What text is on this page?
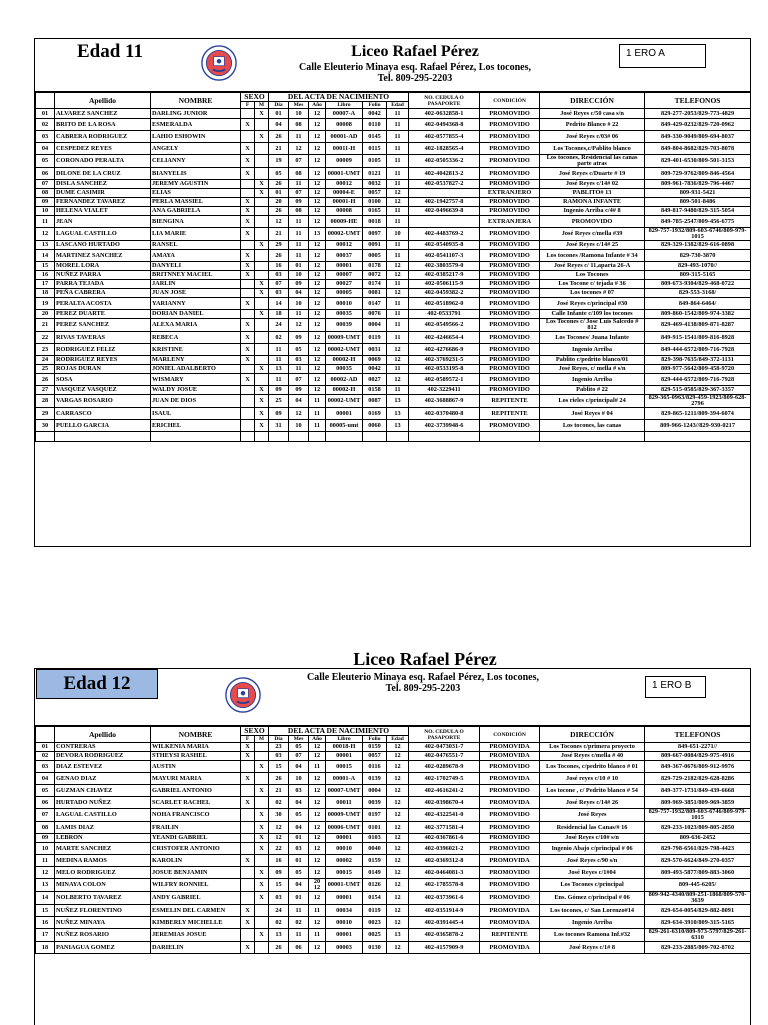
Edad 11	Liceo Rafael Pérez
Calle Eleuterio Minaya esq. Rafael Pérez, Los tocones,
Tel. 809-295-2203
1 ERO A
	Apellido	NOMBRE	SEXO		DEL ACTA DE NACIMIENTO						NO. CEDULA O PASAPORTE	CONDICIÓN	DIRECCIÓN	TELEFONOS
			F	M	Dia	Mes	Año	Libro	Folio	Edad				
01	ALVAREZ SANCHEZ	DARLING JUNIOR		X	01	10	12	00007-A	0042	11	402-0632858-1	PROMOVIDO	José Reyes c/50 casa s/n	829-277-2053/829-773-4829
02	BRITO DE LA ROSA	ESMERALDA	X		04	08	12	00008	0110	11	402-0494368-8	PROMOVIDO	Pedrito Blanco # 22	849-429-0232/829-720-0962
03	CABRERA RODRIGUEZ	LAHIO ESHOWIN		X	26	11	12	00001-AD	0145	11	402-0577855-4	PROMOVIDO	José Reyes c/03# 06	849-330-9049/809-694-8037
04	CESPEDEZ REYES	ANGELY	X		21	12	12	00011-H	0115	11	402-1828565-4	PROMOVIDO	Los Tocones,c/Pablito blanco	849-804-8682/829-703-8078
05	CORONADO PERALTA	CELIANNY	X		19	07	12	00009	0105	11	402-0505336-2	PROMOVIDO	Los tocones, Residencial las canas parte atras	829-401-6530/809-501-3153
06	DILONE DE LA CRUZ	BIANYELIS	X		05	08	12	00001-UMT	0121	11	402-4042813-2	PROMOVIDO	José Reyes c/Duarte # 19	809-729-9762/809-846-4564
07	DISLA SANCHEZ	JEREMY AGUSTIN		X	26	11	12	00012	0032	11	402-0537827-2	PROMOVIDO	José Reyes c/14# 02	809-961-7836/829-796-4467
08	DUME CASIMIR	ELIAS		X	01	07	12	00004-E	0057	12		EXTRANJERO	PABLITO# 13	809-931-5421
09	FERNANDEZ TAVAREZ	PERLA MASSIEL	X		20	09	12	00001-H	0100	12	402-1942757-8	PROMOVIDO	RAMONA INFANTE	809-501-8486
10	HELENA VIALET	ANA GABRIELA	X		26	08	12	00008	0165	11	402-0496639-8	PROMOVIDO	Ingenio Arriba c/4# 8	849-817-9480/829-315-5054
11	JEAN	BIENGINA	X		12	11	12	00009-HE	0018	11		EXTRANJERA	PROMOVIDO	849-785-2547/809-456-6775
12	LAGUAL CASTILLO	LIA MARIE	X		21	11	13	00002-UMT	0097	10	402-4483769-2	PROMOVIDO	José Reyes c/mella #39	829-757-1932/809-603-6746/809-979-1015
13	LASCANO HURTADO	RANSEL		X	29	11	12	00012	0091	11	402-0540935-8	PROMOVIDO	José Reyes c/14# 25	829-329-1382/829-616-0898
14	MARTINEZ SANCHEZ	AMAYA	X		26	11	12	00037	0005	11	402-0541107-3	PROMOVIDO	Los tocones /Ramona Infante # 34	829-730-3870
15	MOREL LORA	DANYELI	X		16	01	12	00001	0178	12	402-3803579-0	PROMOVIDO	José Reyes c/ 11,aparta 26-A	829-493-1070//
16	NUÑEZ PARRA	BRITNNEY MACIEL	X		03	10	12	00007	0072	12	402-0385217-9	PROMOVIDO	Los Tocones	809-315-5165
17	PARRA TEJADA	JARLIN		X	07	09	12	00027	0174	11	402-0506115-9	PROMOVIDO	Los Tocone c/ tejada # 36	809-673-9304/829-468-0722
18	PEÑA CABRERA	JUAN JOSE		X	03	04	12	00005	0081	12	402-0459382-2	PROMOVIDO	Los tocones # 07	829-553-3168/
19	PERALTA ACOSTA	YARIANNY	X		14	10	12	00010	0147	11	402-0518962-0	PROMOVIDO	José Reyes c/principal #30	849-864-6464/
20	PEREZ DUARTE	DORIAN DANIEL		X	18	11	12	00035	0076	11	402-0533791	PROMOVIDO	Calle Infante c/109 los tocones	809-860-1542/809-974-3382
21	PEREZ SANCHEZ	ALEXA MARIA	X		24	12	12	00039	0004	11	402-0549566-2	PROMOVIDO	Los Tocones c/ Jose Luis Salcedo # 812	829-469-4138/809-871-8287
22	RIVAS TAVERAS	REBECA	X		02	09	12	00009-UMT	0119	11	402-4246654-4	PROMOVIDO	Los Tocones/ Juana Infante	849-915-1541/809-816-8928
23	RODRIGUEZ FELIZ	KRISTINE	X		11	05	12	00002-UMT	0031	12	402-4276686-9	PROMOVIDO	Ingenio Arriba	849-444-6572/809-716-7928
24	RODRIGUEZ REYES	MARLENY	X		11	03	12	00002-H	0069	12	402-3769231-5	PROMOVIDO	Pablito c/pedrito blanco/01	829-398-7635/849-372-1131
25	ROJAS DURAN	JONIEL ADALBERTO		X	13	11	12	00035	0042	11	402-0533195-8	PROMOVIDO	José Reyes, c/ mella # s/n	809-977-5642/809-458-9720
26	SOSA	WISMARY	X		11	07	12	00002-AD	0027	12	402-0589572-1	PROMOVIDO	Ingenio Arriba	829-444-6572/809-716-7928
27	VASQUEZ VASQUEZ	WALDY JOSUE		X	09	09	12	00002-H	0158	11	402-3229411	PROMOVIDO	Pablito # 22	829-515-0585/829-367-3357
28	VARGAS ROSARIO	JUAN DE DIOS		X	25	04	11	00002-UMT	0087	13	402-3688867-9	REPITENTE	Los rieles c/principal# 24	829-365-0963/829-459-1923/809-628-2796
29	CARRASCO	ISAUL		X	09	12	11	00001	0169	13	402-0370480-8	REPITENTE	José Reyes # 04	829-865-1211/809-394-6074
30	PUELLO GARCIA	ERICHEL		X	31	10	11	00005-umt	0060	13	402-3739948-6	PROMOVIDO	Los tocones, las canas	809-966-1243//829-930-0217

Edad 12
Liceo Rafael Pérez
Calle Eleuterio Minaya esq. Rafael Pérez, Los tocones,
Tel. 809-295-2203	1 ERO B
	Apellido	NOMBRE	SEXO		DEL ACTA DE NACIMIENTO						NO. CEDULA O PASAPORTE	CONDICIÓN	DIRECCIÓN	TELEFONOS
			F	M	Dia	Mes	Año	Libro	Folio	Edad				
01	CONTRERAS	WILKENIA MARIA	X		23	05	12	00018-H	0159	12	402-0473031-7	PROMOVIDA	Los Tocones c/primera proyecto	849-651-2271//
02	DEVORA RODRIGUEZ	STHEYSI RASHEL	X		03	07	12	00001	0057	12	402-0476551-7	PROMOVIDA	José Reyes c/mella # 40	809-667-0084/829-975-4916
03	DIAZ ESTEVEZ	AUSTIN		X	15	04	11	00015	0116	12	402-0289678-9	PROMOVIDO	Los Tocones, c/pedrito blanco # 01	849-367-0676/809-912-9976
04	GENAO DIAZ	MAYURI MARIA	X		26	10	12	00001-A	0139	12	402-1702749-5	PROMOVIDA	José reyes c/10 # 10	829-729-2182/829-628-8286
05	GUZMAN CHAVEZ	GABRIEL ANTONIO		X	21	03	12	00007-UMT	0004	12	402-4616241-2	PROMOVIDO	Los tocone , c/ Pedrito blanco # 54	849-377-1731/849-439-6668
06	HURTADO NUÑEZ	SCARLET RACHEL	X		02	04	12	00011	0039	12	402-0398670-4	PROMOVIDA	José Reyes c/14# 26	809-969-3851/809-969-3859
07	LAGUAL CASTILLO	NOHA FRANCISCO		X	30	05	12	00009-UMT	0197	12	402-4322541-0	PROMOVIDO	José Reyes	829-757-1932/809-603-6746/809-979-1015
08	LAMIS DIAZ	FRAILIN		X	12	04	12	00006-UMT	0101	12	402-3771581-4	PROMOVIDO	Residencial las Canas/# 16	829-233-1023/809-805-2850
09	LEBRON	YEANDI GABRIEL		X	12	01	12	00001	0103	12	402-0367861-6	PROMOVIDO	José Reyes c/10# s/n	809-636-2452
10	MARTE SANCHEZ	CRISTOFER ANTONIO		X	22	03	12	00010	0040	12	402-0396021-2	PROMOVIDO	Ingenio Abajo c/principal # 06	829-798-6561/829-798-4423
11	MEDINA RAMOS	KAROLIN	X		16	01	12	00002	0159	12	402-0369312-8	PROMOVIDA	José Reyes c/90 s/n	829-570-6624/849-270-0357
12	MELO RODRIGUEZ	JOSUE BENJAMIN		X	09	05	12	00015	0149	12	402-0464081-3	PROMOVIDO	José Reyes c/1#04	809-493-5877/809-883-3060
13	MINAYA COLON	WILFRY RONNIEL		X	15	04	20 12	00001-UMT	0126	12	402-1785578-8	PROMOVIDO	Los Tocones c/principal	809-445-6205/
14	NOLBERTO TAVAREZ	ANDY GABRIEL		X	03	01	12	00001	0154	12	402-0373961-6	PROMOVIDO	Ens. Gómez c/principal # 06	809-942-4340/809-251-1868/809-570-3639
15	NUÑEZ FLORENTINO	ESMELIN DEL CARMEN	X		24	11	11	00034	0119	12	402-0351914-9	PROMOVIDA	Los tocones, c/ San Lorenzo#14	829-654-0054/829-882-8091
16	NUÑEZ MINAYA	KIMBERLY MICHELLE	X		02	02	12	00010	0023	12	402-0391445-4	PROMOVIDA	Ingenio Arriba	829-634-3910/809-315-5165
17	NUÑEZ ROSARIO	JEREMIAS JOSUE		X	13	11	11	00001	0025	13	402-0365878-2	REPITENTE	Los tocones Ramona Inf.#32	829-261-6310/809-973-5797/829-261-6310
18	PANIAGUA GOMEZ	DARIELIN	X		26	06	12	00003	0130	12	402-4157909-9	PROMOVIDA	José Reyes c/1# 8	829-233-2885/809-702-8702
